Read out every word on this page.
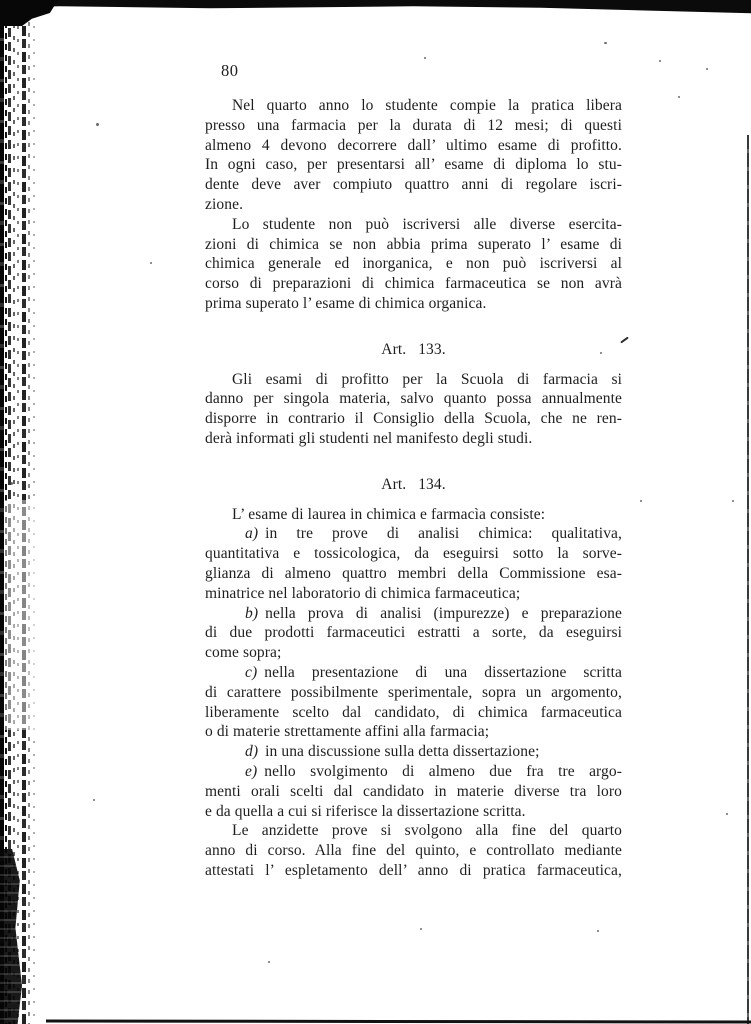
80
Nel quarto anno lo studente compie la pratica libera
presso una farmacia per la durata di 12 mesi; di questi
almeno 4 devono decorrere dall’ ultimo esame di profitto.
In ogni caso, per presentarsi all’ esame di diploma lo stu-
dente deve aver compiuto quattro anni di regolare iscri-
zione.
Lo studente non può iscriversi alle diverse esercita-
zioni di chimica se non abbia prima superato l’ esame di
chimica generale ed inorganica, e non può iscriversi al
corso di preparazioni di chimica farmaceutica se non avrà
prima superato l’ esame di chimica organica.
Art. 133.
Gli esami di profitto per la Scuola di farmacia si
danno per singola materia, salvo quanto possa annualmente
disporre in contrario il Consiglio della Scuola, che ne ren-
derà informati gli studenti nel manifesto degli studi.
Art. 134.
L’ esame di laurea in chimica e farmacìa consiste:
a) in tre prove di analisi chimica: qualitativa,
quantitativa e tossicologica, da eseguirsi sotto la sorve-
glianza di almeno quattro membri della Commissione esa-
minatrice nel laboratorio di chimica farmaceutica;
b) nella prova di analisi (impurezze) e preparazione
di due prodotti farmaceutici estratti a sorte, da eseguirsi
come sopra;
c) nella presentazione di una dissertazione scritta
di carattere possibilmente sperimentale, sopra un argomento,
liberamente scelto dal candidato, di chimica farmaceutica
o di materie strettamente affini alla farmacia;
d) in una discussione sulla detta dissertazione;
e) nello svolgimento di almeno due fra tre argo-
menti orali scelti dal candidato in materie diverse tra loro
e da quella a cui si riferisce la dissertazione scritta.
Le anzidette prove si svolgono alla fine del quarto
anno di corso. Alla fine del quinto, e controllato mediante
attestati l’ espletamento dell’ anno di pratica farmaceutica,
